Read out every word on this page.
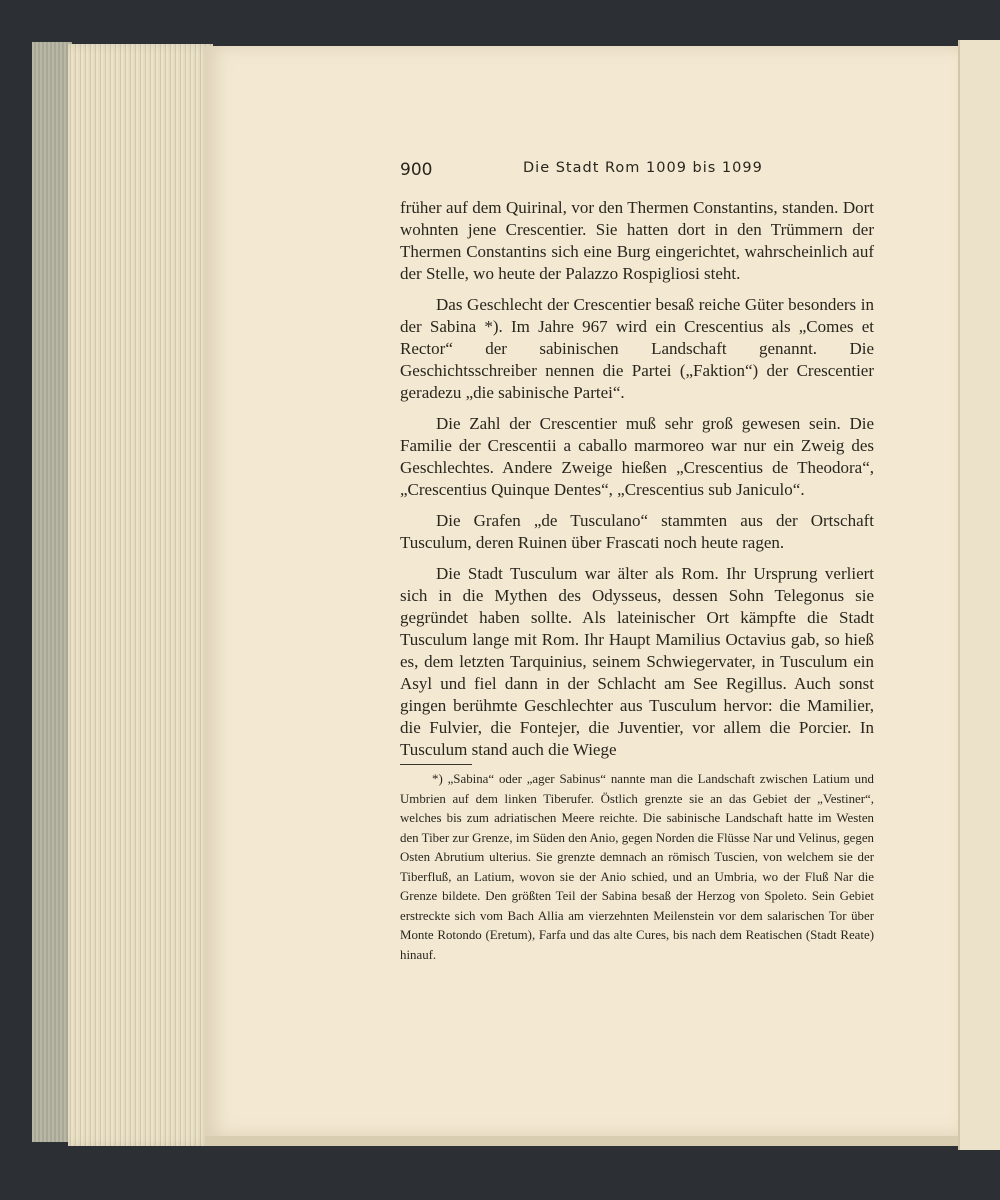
900	Die Stadt Rom 1009 bis 1099

früher auf dem Quirinal, vor den Thermen Constantins, standen. Dort wohnten jene Crescentier. Sie hatten dort in den Trümmern der Thermen Constantins sich eine Burg eingerichtet, wahrscheinlich auf der Stelle, wo heute der Palazzo Rospigliosi steht.

Das Geschlecht der Crescentier besaß reiche Güter besonders in der Sabina *). Im Jahre 967 wird ein Crescentius als „Comes et Rector“ der sabinischen Landschaft genannt. Die Geschichtsschreiber nennen die Partei („Faktion“) der Crescentier geradezu „die sabinische Partei“.

Die Zahl der Crescentier muß sehr groß gewesen sein. Die Familie der Crescentii a caballo marmoreo war nur ein Zweig des Geschlechtes. Andere Zweige hießen „Crescentius de Theodora“, „Crescentius Quinque Dentes“, „Crescentius sub Janiculo“.

Die Grafen „de Tusculano“ stammten aus der Ortschaft Tusculum, deren Ruinen über Frascati noch heute ragen.

Die Stadt Tusculum war älter als Rom. Ihr Ursprung verliert sich in die Mythen des Odysseus, dessen Sohn Telegonus sie gegründet haben sollte. Als lateinischer Ort kämpfte die Stadt Tusculum lange mit Rom. Ihr Haupt Mamilius Octavius gab, so hieß es, dem letzten Tarquinius, seinem Schwiegervater, in Tusculum ein Asyl und fiel dann in der Schlacht am See Regillus. Auch sonst gingen berühmte Geschlechter aus Tusculum hervor: die Mamilier, die Fulvier, die Fontejer, die Juventier, vor allem die Porcier. In Tusculum stand auch die Wiege

*) „Sabina“ oder „ager Sabinus“ nannte man die Landschaft zwischen Latium und Umbrien auf dem linken Tiberufer. Östlich grenzte sie an das Gebiet der „Vestiner“, welches bis zum adriatischen Meere reichte. Die sabinische Landschaft hatte im Westen den Tiber zur Grenze, im Süden den Anio, gegen Norden die Flüsse Nar und Velinus, gegen Osten Abrutium ulterius. Sie grenzte demnach an römisch Tuscien, von welchem sie der Tiberfluß, an Latium, wovon sie der Anio schied, und an Umbria, wo der Fluß Nar die Grenze bildete. Den größten Teil der Sabina besaß der Herzog von Spoleto. Sein Gebiet erstreckte sich vom Bach Allia am vierzehnten Meilenstein vor dem salarischen Tor über Monte Rotondo (Eretum), Farfa und das alte Cures, bis nach dem Reatischen (Stadt Reate) hinauf.
